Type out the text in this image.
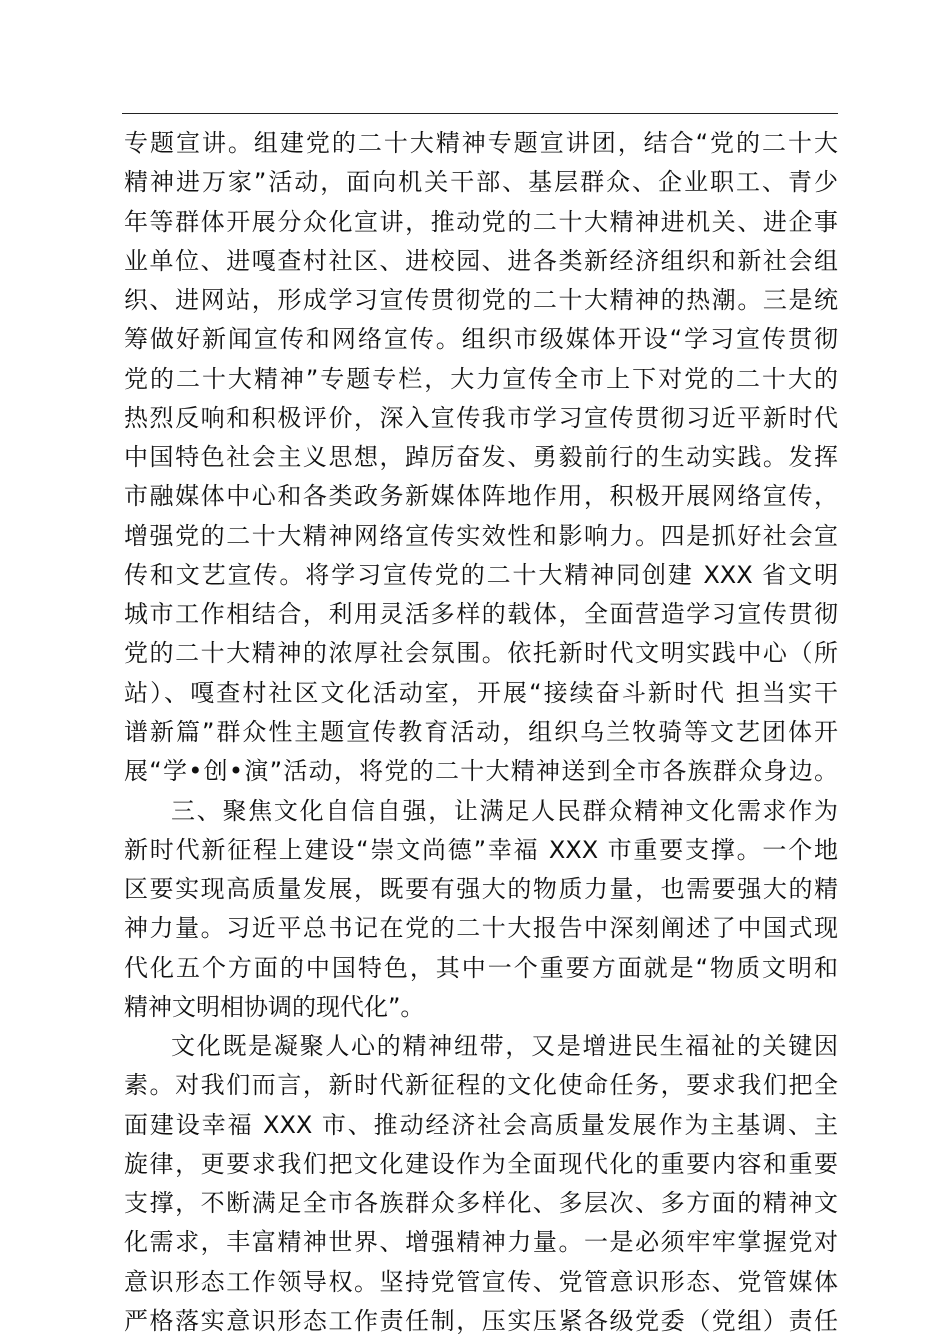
专题宣讲。组建党的二十大精神专题宣讲团，结合“党的二十大
精神进万家”活动，面向机关干部、基层群众、企业职工、青少
年等群体开展分众化宣讲，推动党的二十大精神进机关、进企事
业单位、进嘎查村社区、进校园、进各类新经济组织和新社会组
织、进网站，形成学习宣传贯彻党的二十大精神的热潮。三是统
筹做好新闻宣传和网络宣传。组织市级媒体开设“学习宣传贯彻
党的二十大精神”专题专栏，大力宣传全市上下对党的二十大的
热烈反响和积极评价，深入宣传我市学习宣传贯彻习近平新时代
中国特色社会主义思想，踔厉奋发、勇毅前行的生动实践。发挥
市融媒体中心和各类政务新媒体阵地作用，积极开展网络宣传，
增强党的二十大精神网络宣传实效性和影响力。四是抓好社会宣
传和文艺宣传。将学习宣传党的二十大精神同创建 XXX 省文明
城市工作相结合，利用灵活多样的载体，全面营造学习宣传贯彻
党的二十大精神的浓厚社会氛围。依托新时代文明实践中心（所
站）、嘎查村社区文化活动室，开展“接续奋斗新时代 担当实干
谱新篇”群众性主题宣传教育活动，组织乌兰牧骑等文艺团体开
展“学•创•演”活动，将党的二十大精神送到全市各族群众身边。
三、聚焦文化自信自强，让满足人民群众精神文化需求作为
新时代新征程上建设“崇文尚德”幸福 XXX 市重要支撑。一个地
区要实现高质量发展，既要有强大的物质力量，也需要强大的精
神力量。习近平总书记在党的二十大报告中深刻阐述了中国式现
代化五个方面的中国特色，其中一个重要方面就是“物质文明和
精神文明相协调的现代化”。
文化既是凝聚人心的精神纽带，又是增进民生福祉的关键因
素。对我们而言，新时代新征程的文化使命任务，要求我们把全
面建设幸福 XXX 市、推动经济社会高质量发展作为主基调、主
旋律，更要求我们把文化建设作为全面现代化的重要内容和重要
支撑，不断满足全市各族群众多样化、多层次、多方面的精神文
化需求，丰富精神世界、增强精神力量。一是必须牢牢掌握党对
意识形态工作领导权。坚持党管宣传、党管意识形态、党管媒体
严格落实意识形态工作责任制，压实压紧各级党委（党组）责任
